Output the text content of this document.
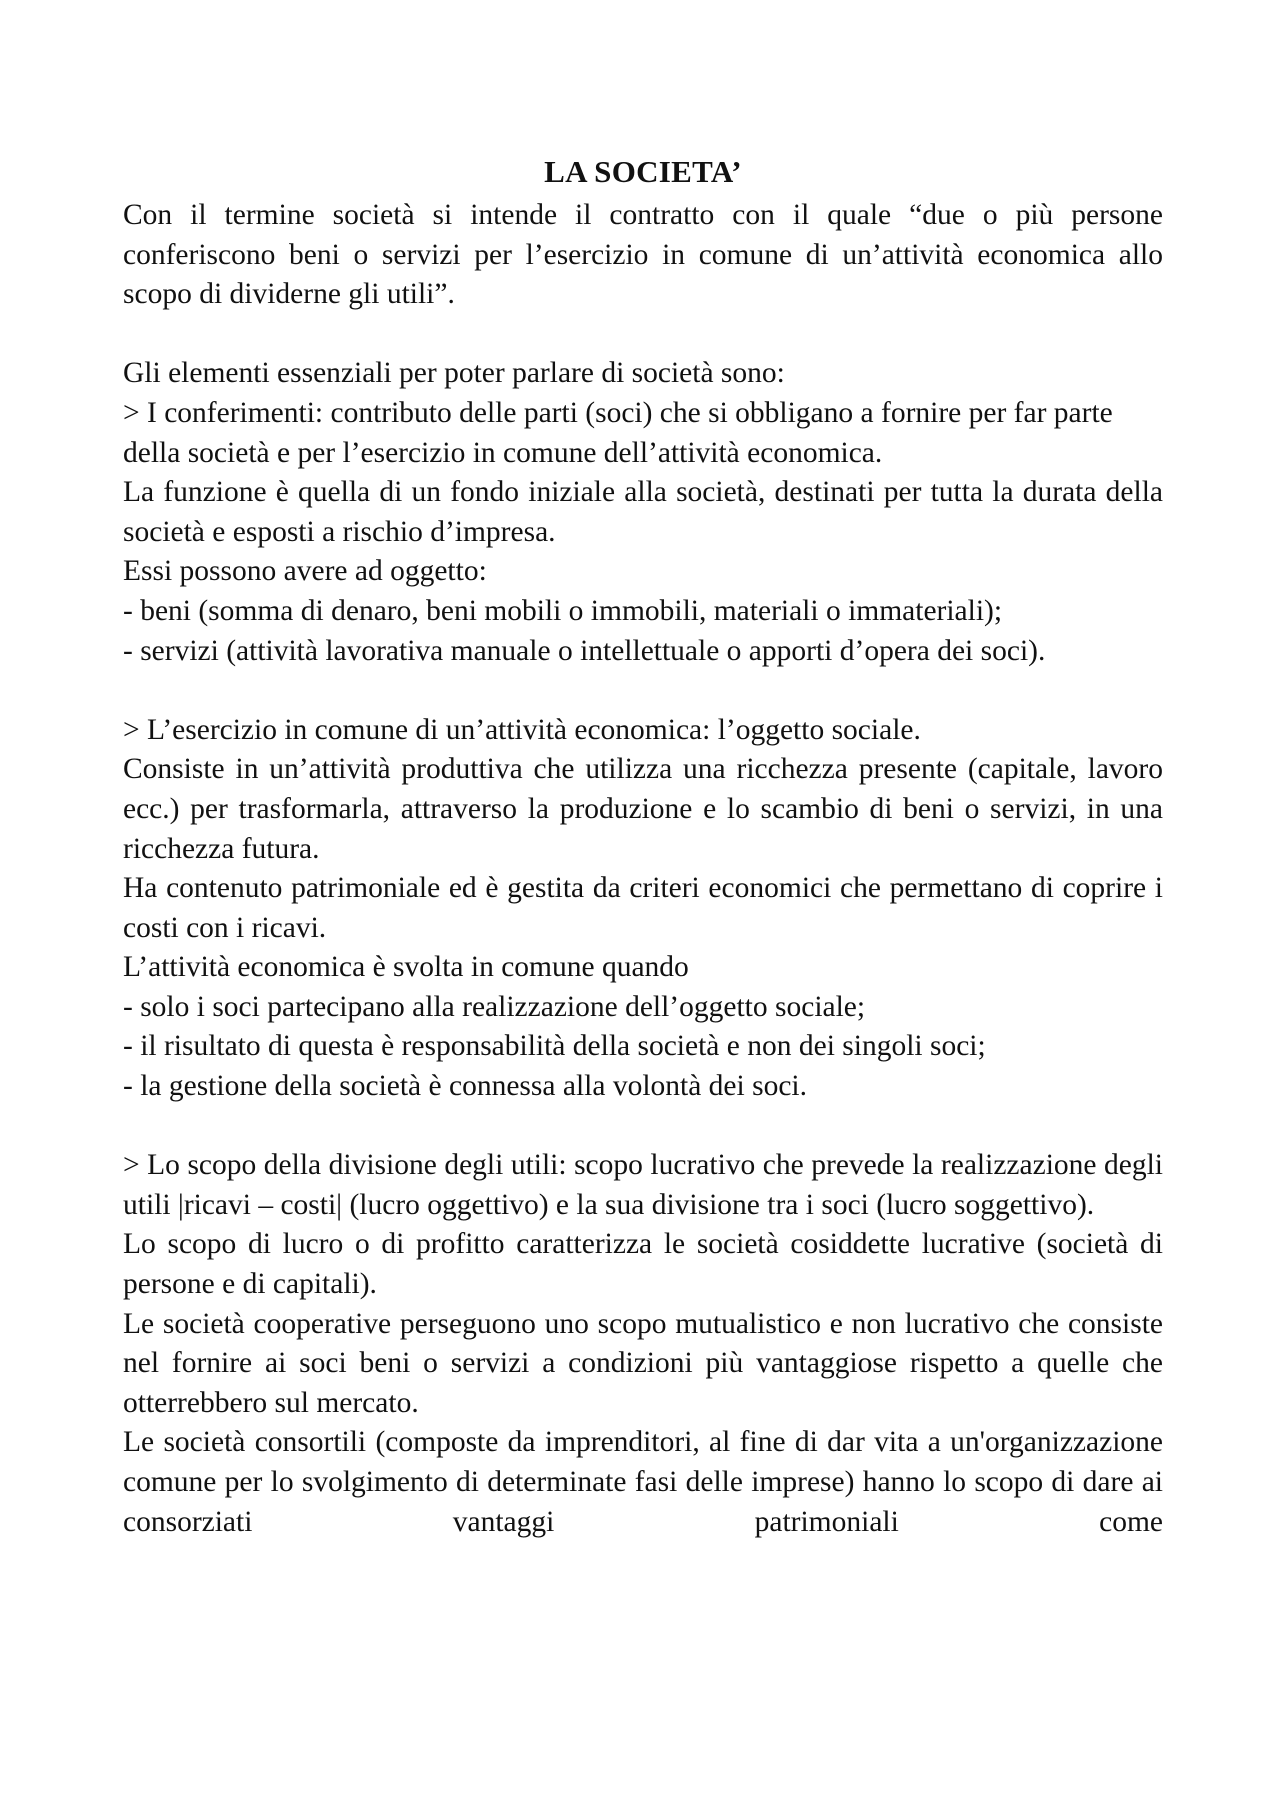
LA SOCIETA’

Con il termine società si intende il contratto con il quale “due o più persone conferiscono beni o servizi per l’esercizio in comune di un’attività economica allo scopo di dividerne gli utili”.

Gli elementi essenziali per poter parlare di società sono:

> I conferimenti: contributo delle parti (soci) che si obbligano a fornire per far parte della società e per l’esercizio in comune dell’attività economica.

La funzione è quella di un fondo iniziale alla società, destinati per tutta la durata della società e esposti a rischio d’impresa.

Essi possono avere ad oggetto:

- beni (somma di denaro, beni mobili o immobili, materiali o immateriali);

- servizi (attività lavorativa manuale o intellettuale o apporti d’opera dei soci).

> L’esercizio in comune di un’attività economica: l’oggetto sociale.

Consiste in un’attività produttiva che utilizza una ricchezza presente (capitale, lavoro ecc.) per trasformarla, attraverso la produzione e lo scambio di beni o servizi, in una ricchezza futura.

Ha contenuto patrimoniale ed è gestita da criteri economici che permettano di coprire i costi con i ricavi.

L’attività economica è svolta in comune quando

- solo i soci partecipano alla realizzazione dell’oggetto sociale;

- il risultato di questa è responsabilità della società e non dei singoli soci;

- la gestione della società è connessa alla volontà dei soci.

> Lo scopo della divisione degli utili: scopo lucrativo che prevede la realizzazione degli utili |ricavi – costi| (lucro oggettivo) e la sua divisione tra i soci (lucro soggettivo).

Lo scopo di lucro o di profitto caratterizza le società cosiddette lucrative (società di persone e di capitali).

Le società cooperative perseguono uno scopo mutualistico e non lucrativo che consiste nel fornire ai soci beni o servizi a condizioni più vantaggiose rispetto a quelle che otterrebbero sul mercato.

Le società consortili (composte da imprenditori, al fine di dar vita a un'organizzazione comune per lo svolgimento di determinate fasi delle imprese) hanno lo scopo di dare ai consorziati vantaggi patrimoniali come
